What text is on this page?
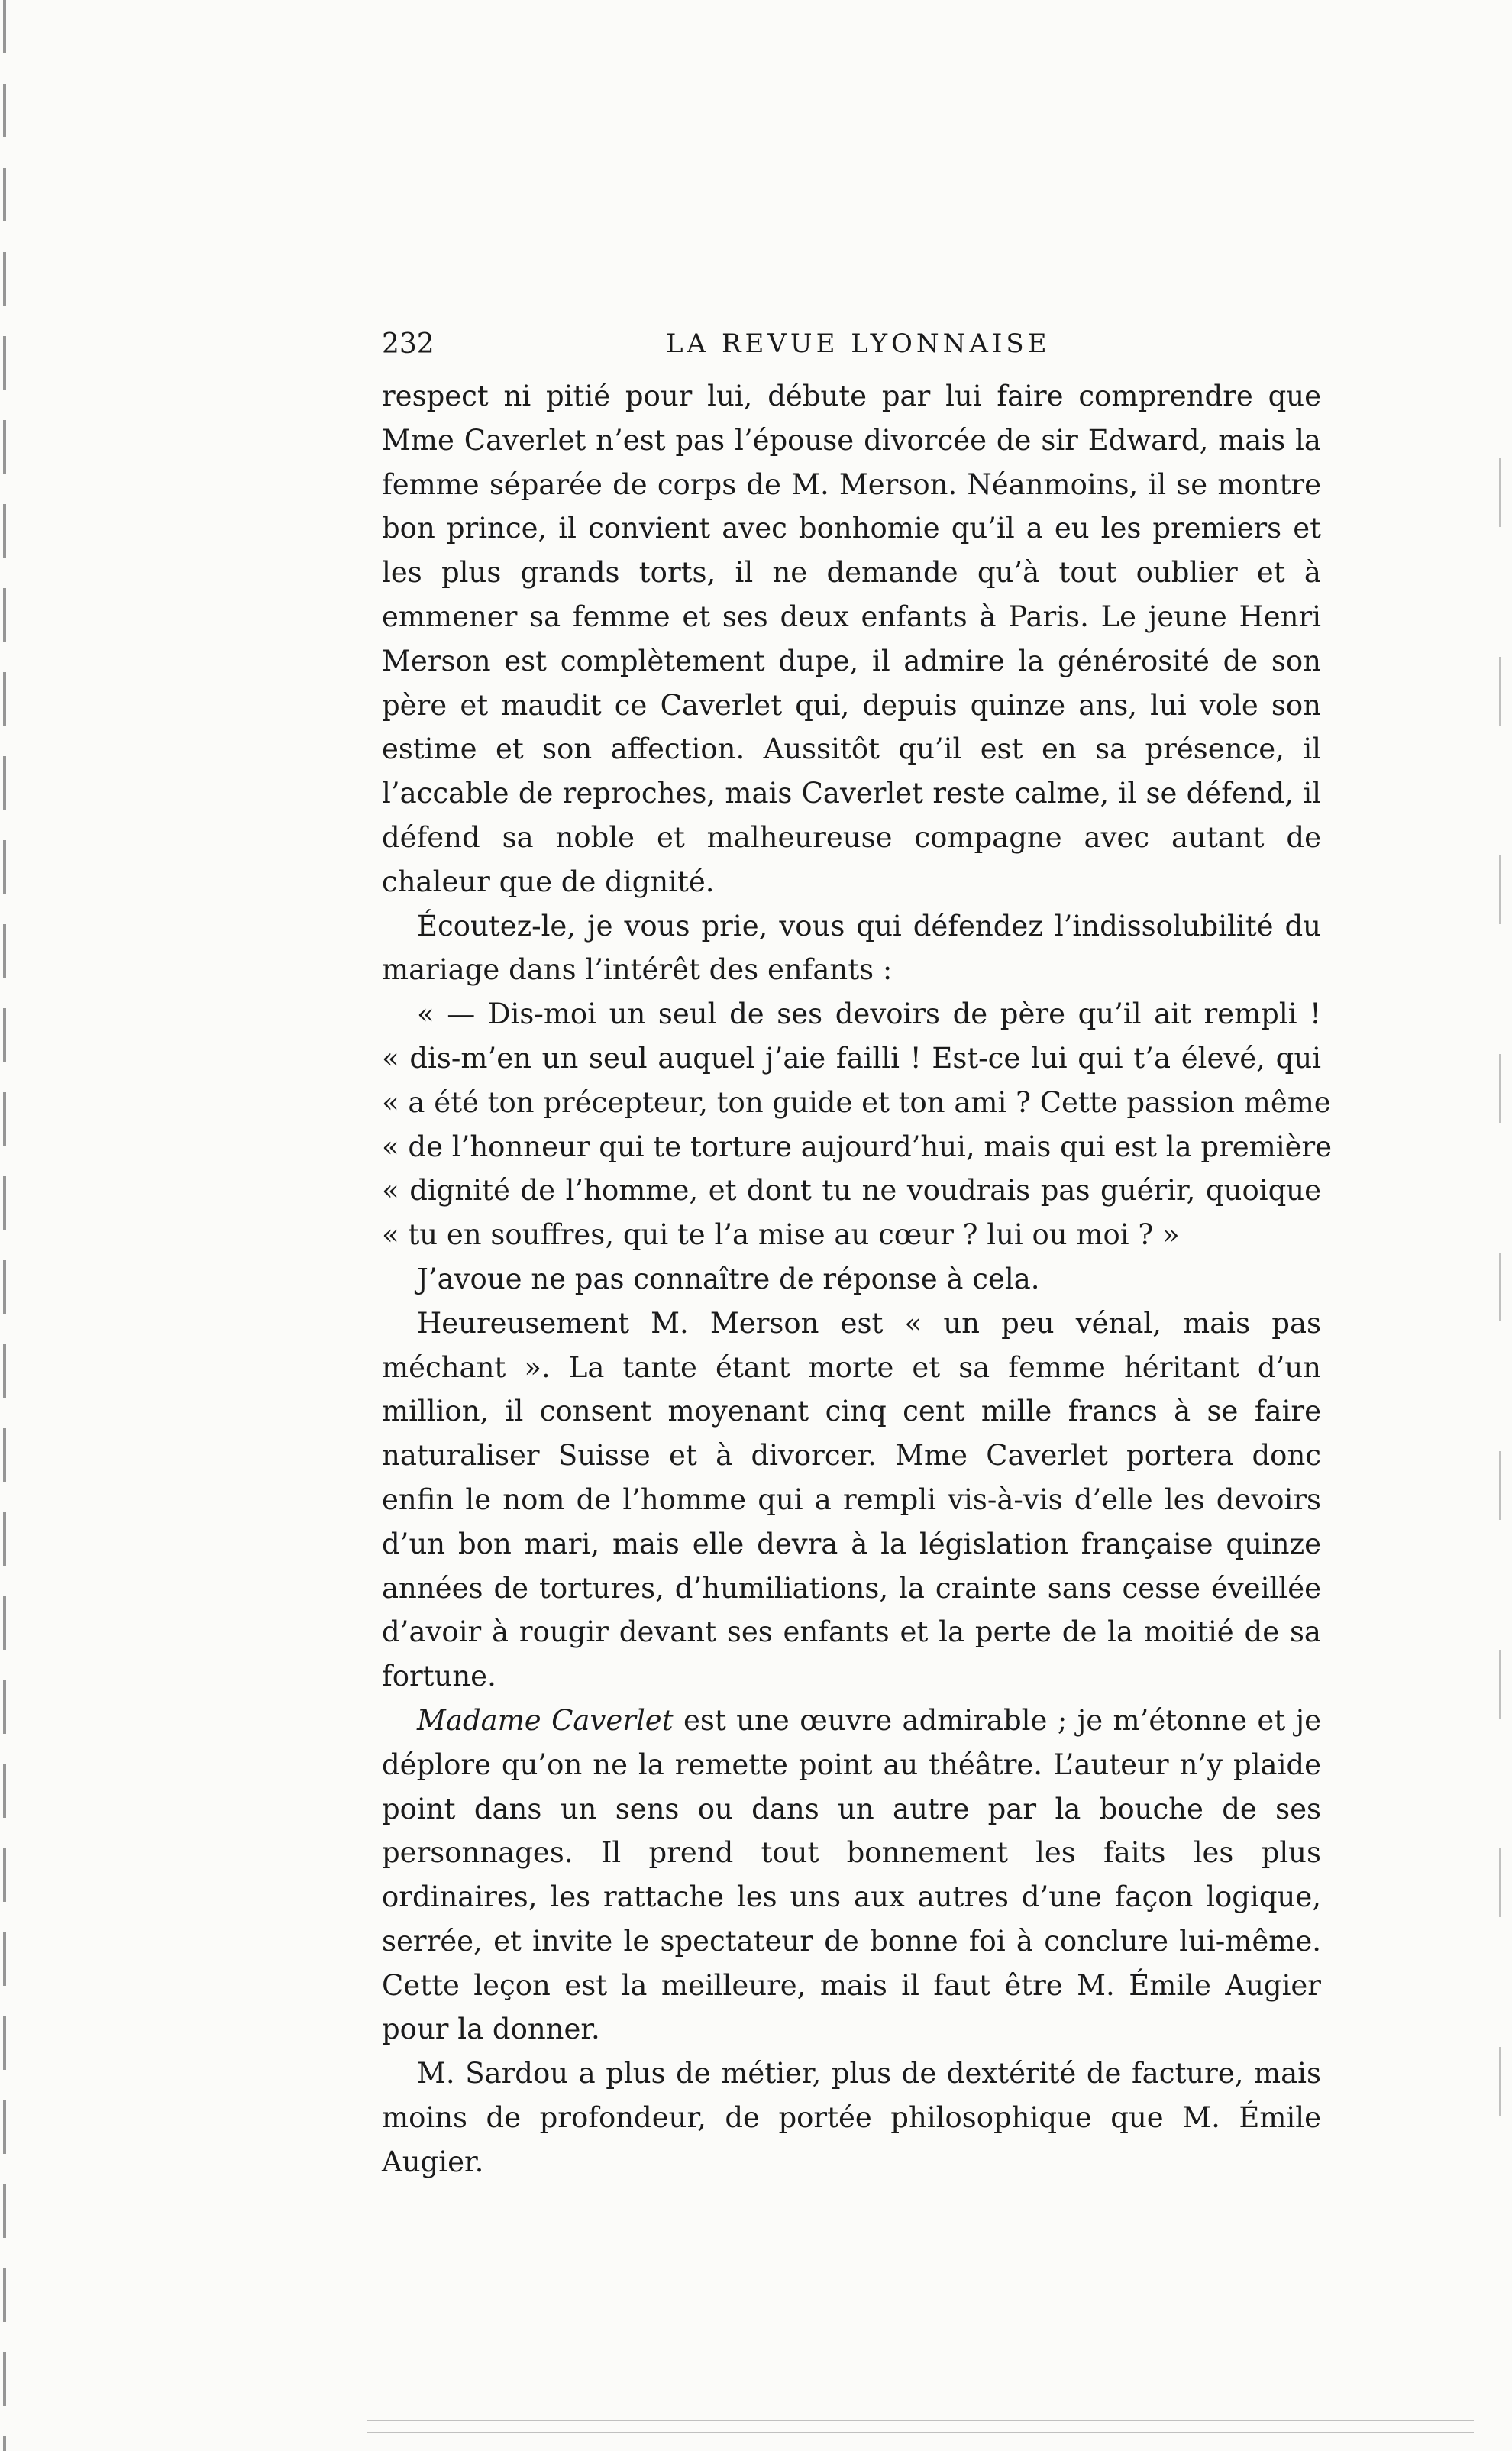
232	LA REVUE LYONNAISE

respect ni pitié pour lui, débute par lui faire comprendre que Mme Caverlet n’est pas l’épouse divorcée de sir Edward, mais la femme séparée de corps de M. Merson. Néanmoins, il se montre bon prince, il convient avec bonhomie qu’il a eu les premiers et les plus grands torts, il ne demande qu’à tout oublier et à emmener sa femme et ses deux enfants à Paris. Le jeune Henri Merson est complètement dupe, il admire la générosité de son père et maudit ce Caverlet qui, depuis quinze ans, lui vole son estime et son affection. Aussitôt qu’il est en sa présence, il l’accable de reproches, mais Caverlet reste calme, il se défend, il défend sa noble et malheureuse compagne avec autant de chaleur que de dignité.

Écoutez-le, je vous prie, vous qui défendez l’indissolubilité du mariage dans l’intérêt des enfants :

« — Dis-moi un seul de ses devoirs de père qu’il ait rempli !
« dis-m’en un seul auquel j’aie failli ! Est-ce lui qui t’a élevé, qui
« a été ton précepteur, ton guide et ton ami ? Cette passion même
« de l’honneur qui te torture aujourd’hui, mais qui est la première
« dignité de l’homme, et dont tu ne voudrais pas guérir, quoique
« tu en souffres, qui te l’a mise au cœur ? lui ou moi ? »

J’avoue ne pas connaître de réponse à cela.

Heureusement M. Merson est « un peu vénal, mais pas méchant ». La tante étant morte et sa femme héritant d’un million, il consent moyenant cinq cent mille francs à se faire naturaliser Suisse et à divorcer. Mme Caverlet portera donc enfin le nom de l’homme qui a rempli vis-à-vis d’elle les devoirs d’un bon mari, mais elle devra à la législation française quinze années de tortures, d’humiliations, la crainte sans cesse éveillée d’avoir à rougir devant ses enfants et la perte de la moitié de sa fortune.

Madame Caverlet est une œuvre admirable ; je m’étonne et je déplore qu’on ne la remette point au théâtre. L’auteur n’y plaide point dans un sens ou dans un autre par la bouche de ses personnages. Il prend tout bonnement les faits les plus ordinaires, les rattache les uns aux autres d’une façon logique, serrée, et invite le spectateur de bonne foi à conclure lui-même. Cette leçon est la meilleure, mais il faut être M. Émile Augier pour la donner.

M. Sardou a plus de métier, plus de dextérité de facture, mais moins de profondeur, de portée philosophique que M. Émile Augier.
